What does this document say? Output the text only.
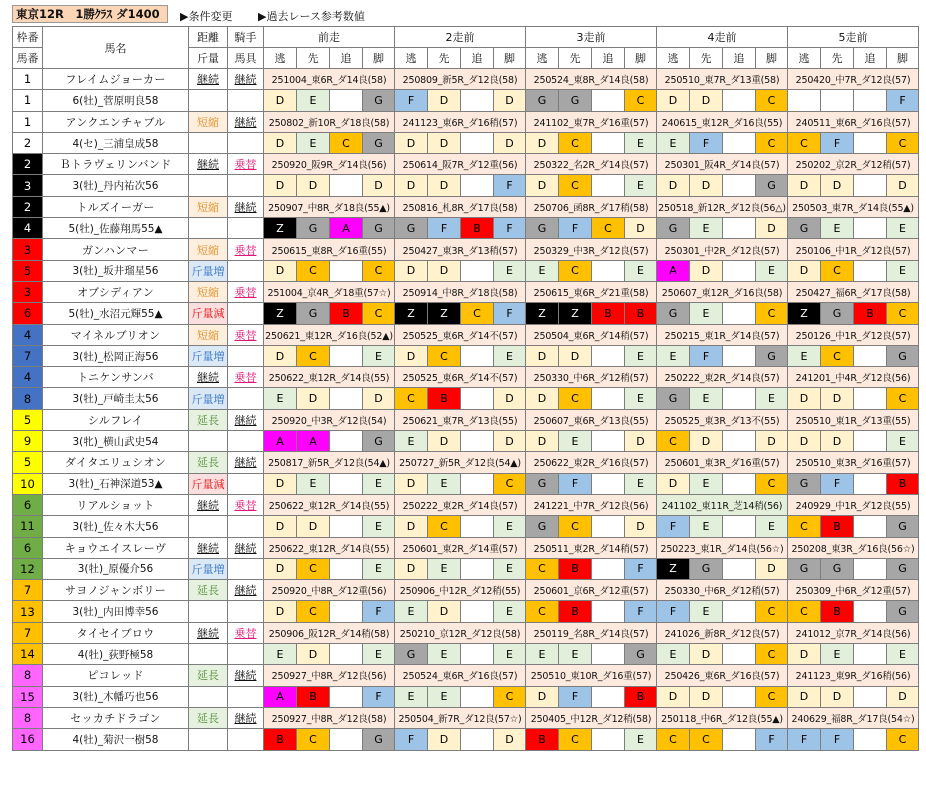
東京12R　1勝ｸﾗｽ ダ1400	▶条件変更 ▶過去レース参考数値
枠番	馬名	距離	騎手	前走				2走前				3走前				4走前				5走前			
馬番		斤量	馬具	逃	先	追	脚	逃	先	追	脚	逃	先	追	脚	逃	先	追	脚	逃	先	追	脚
1	フレイムジョーカー	継続	継続	251004_東6R_ダ14良(58)				250809_新5R_ダ12良(58)				250524_東8R_ダ14良(58)				250510_東7R_ダ13重(58)				250420_中7R_ダ12良(57)			
1	6(牡)_菅原明良58			D	E		G	F	D		D	G	G		C	D	D		C				F
1	アンクエンチャブル	短縮	継続	250802_新10R_ダ18良(58)				241123_東6R_ダ16稍(57)				241102_東7R_ダ16重(57)				240615_東12R_ダ16良(55)				240511_東6R_ダ16良(57)			
2	4(セ)_三浦皇成58			D	E	C	G	D	D		D	D	C		E	E	F		C	C	F		C
2	Ｂトラヴェリンバンド	継続	乗替	250920_阪9R_ダ14良(56)				250614_阪7R_ダ12重(56)				250322_名2R_ダ14良(57)				250301_阪4R_ダ14良(57)				250202_京2R_ダ12稍(57)			
3	3(牡)_丹内祐次56			D	D		D	D	D		F	D	C		E	D	D		G	D	D		D
2	トルズイーガー	短縮	継続	250907_中8R_ダ18良(55▲)				250816_札8R_ダ17良(58)				250706_函8R_ダ17稍(58)				250518_新12R_ダ12良(56△)				250503_東7R_ダ14良(55▲)			
4	5(牡)_佐藤翔馬55▲			Z	G	A	G	G	F	B	F	G	F	C	D	G	E		D	G	E		E
3	ガンハンマー	短縮	乗替	250615_東8R_ダ16重(55)				250427_東3R_ダ13稍(57)				250329_中3R_ダ12良(57)				250301_中2R_ダ12良(57)				250106_中1R_ダ12良(57)			
5	3(牡)_坂井瑠星56	斤量増		D	C		C	D	D		E	E	C		E	A	D		E	D	C		E
3	オブシディアン	短縮	乗替	251004_京4R_ダ18重(57☆)				250914_中8R_ダ18良(58)				250615_東6R_ダ21重(58)				250607_東12R_ダ16良(58)				250427_福6R_ダ17良(58)			
6	5(牡)_水沼元輝55▲	斤量減		Z	G	B	C	Z	Z	C	F	Z	Z	B	B	G	E		C	Z	G	B	C
4	マイネルブリオン	短縮	乗替	250621_東12R_ダ16良(52▲)				250525_東6R_ダ14不(57)				250504_東6R_ダ14稍(57)				250215_東1R_ダ14良(57)				250126_中1R_ダ12良(57)			
7	3(牡)_松岡正海56	斤量増		D	C		E	D	C		E	D	D		E	E	F		G	E	C		G
4	トニケンサンバ	継続	乗替	250622_東12R_ダ14良(55)				250525_東6R_ダ14不(57)				250330_中6R_ダ12稍(57)				250222_東2R_ダ14良(57)				241201_中4R_ダ12良(56)			
8	3(牡)_戸崎圭太56	斤量増		E	D		D	C	B		D	D	C		E	G	E		E	D	D		C
5	シルフレイ	延長	継続	250920_中3R_ダ12良(54)				250621_東7R_ダ13良(55)				250607_東6R_ダ13良(55)				250525_東3R_ダ13不(55)				250510_東1R_ダ13重(55)			
9	3(牝)_横山武史54			A	A		G	E	D		D	D	E		D	C	D		D	D	D		E
5	ダイタエリュシオン	延長	継続	250817_新5R_ダ12良(54▲)				250727_新5R_ダ12良(54▲)				250622_東2R_ダ16良(57)				250601_東3R_ダ16重(57)				250510_東3R_ダ16重(57)			
10	3(牡)_石神深道53▲	斤量減		D	E		E	D	E		C	G	F		E	D	E		C	G	F		B
6	リアルショット	継続	乗替	250622_東12R_ダ14良(55)				250222_東2R_ダ14良(57)				241221_中7R_ダ12良(56)				241102_東11R_芝14稍(56)				240929_中1R_ダ12良(55)			
11	3(牡)_佐々木大56			D	D		E	D	C		E	G	C		D	F	E		E	C	B		G
6	キョウエイスレーヴ	継続	継続	250622_東12R_ダ14良(55)				250601_東2R_ダ14重(57)				250511_東2R_ダ14稍(57)				250223_東1R_ダ14良(56☆)				250208_東3R_ダ16良(56☆)			
12	3(牡)_原優介56	斤量増		D	C		E	D	E		E	C	B		F	Z	G		D	G	G		G
7	サヨノジャンボリー	延長	継続	250920_中8R_ダ12重(56)				250906_中12R_ダ12稍(55)				250601_京6R_ダ12重(57)				250330_中6R_ダ12稍(57)				250309_中6R_ダ12重(57)			
13	3(牡)_内田博幸56			D	C		F	E	D		E	C	B		F	F	E		C	C	B		G
7	タイセイブロウ	継続	乗替	250906_阪12R_ダ14稍(58)				250210_京12R_ダ12良(58)				250119_名8R_ダ14良(57)				241026_新8R_ダ12良(57)				241012_京7R_ダ14良(56)			
14	4(牡)_荻野極58			E	D		E	G	E		E	E	E		G	E	D		C	D	E		E
8	ピコレッド	延長	継続	250927_中8R_ダ12良(56)				250524_東6R_ダ16良(57)				250510_東10R_ダ16重(57)				250426_東6R_ダ16良(57)				241123_東9R_ダ16稍(56)			
15	3(牡)_木幡巧也56			A	B		F	E	E		C	D	F		B	D	D		C	D	D		D
8	セッカチドラゴン	延長	継続	250927_中8R_ダ12良(58)				250504_新7R_ダ12良(57☆)				250405_中12R_ダ12稍(58)				250118_中6R_ダ12良(55▲)				240629_福8R_ダ17良(54☆)			
16	4(牡)_菊沢一樹58			B	C		G	F	D		D	B	C		E	C	C		F	F	F		C
